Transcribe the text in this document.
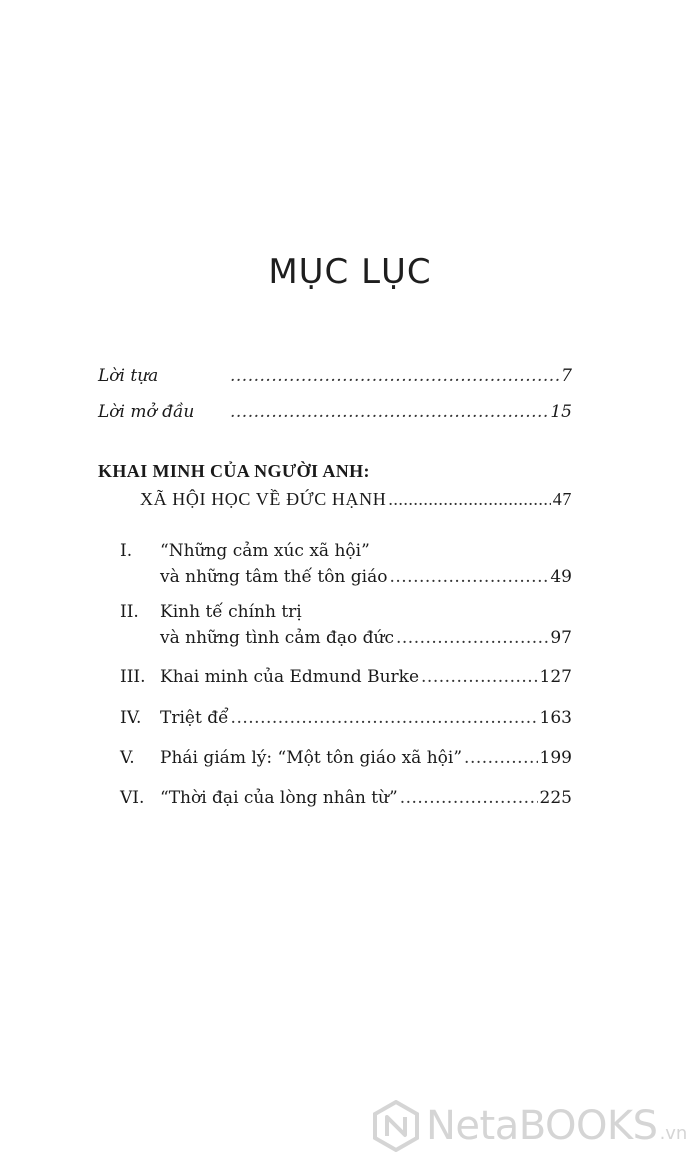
MỤC LỤC
Lời tựa .....	7
Lời mở đầu .....	15
KHAI MINH CỦA NGƯỜI ANH:
XÃ HỘI HỌC VỀ ĐỨC HẠNH .....	47
I. “Những cảm xúc xã hội”
và những tâm thế tôn giáo .....	49
II. Kinh tế chính trị
và những tình cảm đạo đức .....	97
III. Khai minh của Edmund Burke .....	127
IV. Triệt để .....	163
V. Phái giám lý: “Một tôn giáo xã hội” .....	199
VI. “Thời đại của lòng nhân từ” .....	225
NetaBOOKS .vn
